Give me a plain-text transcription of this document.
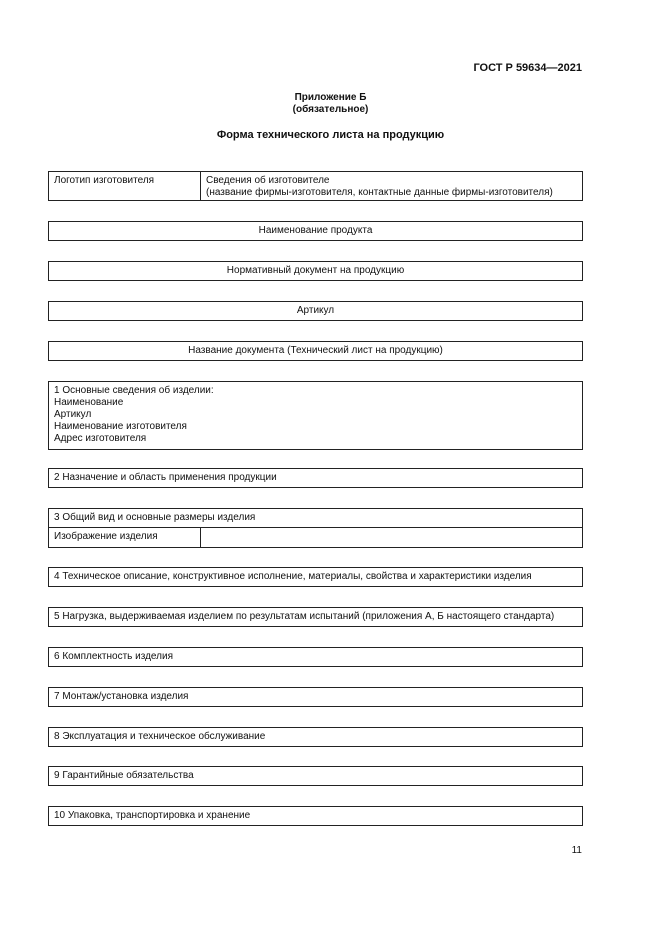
ГОСТ Р 59634—2021
Приложение Б
(обязательное)
Форма технического листа на продукцию
Логотип изготовителя	Сведения об изготовителе
(название фирмы-изготовителя, контактные данные фирмы-изготовителя)
Наименование продукта
Нормативный документ на продукцию
Артикул
Название документа (Технический лист на продукцию)
1 Основные сведения об изделии:
Наименование
Артикул
Наименование изготовителя
Адрес изготовителя
2 Назначение и область применения продукции
3 Общий вид и основные размеры изделия
Изображение изделия
4 Техническое описание, конструктивное исполнение, материалы, свойства и характеристики изделия
5 Нагрузка, выдерживаемая изделием по результатам испытаний (приложения А, Б настоящего стандарта)
6 Комплектность изделия
7 Монтаж/установка изделия
8 Эксплуатация и техническое обслуживание
9 Гарантийные обязательства
10 Упаковка, транспортировка и хранение
11
